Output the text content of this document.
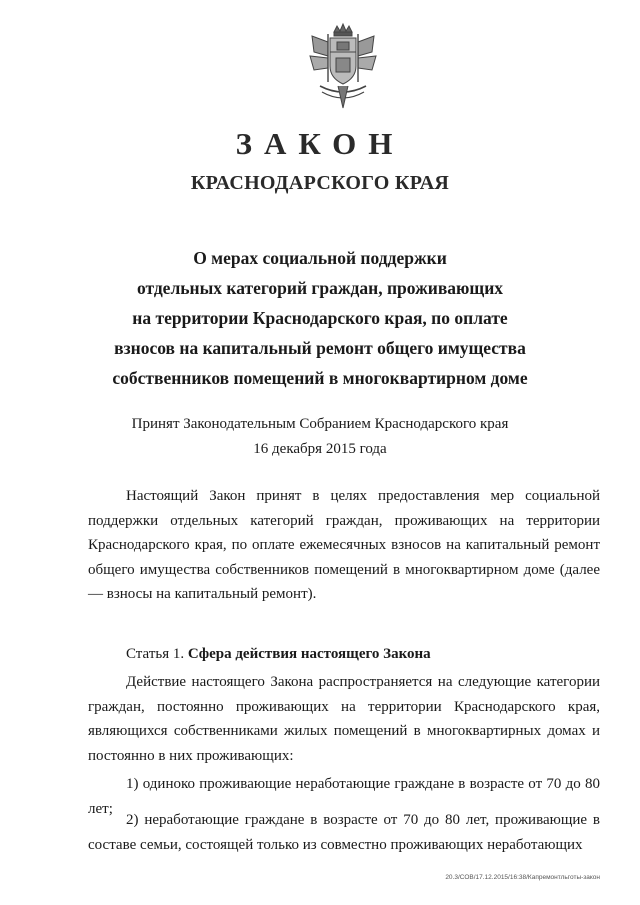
ЗАКОН
КРАСНОДАРСКОГО КРАЯ
О мерах социальной поддержки
отдельных категорий граждан, проживающих
на территории Краснодарского края, по оплате
взносов на капитальный ремонт общего имущества
собственников помещений в многоквартирном доме
Принят Законодательным Собранием Краснодарского края
16 декабря 2015 года
Настоящий Закон принят в целях предоставления мер социальной поддержки отдельных категорий граждан, проживающих на территории Краснодарского края, по оплате ежемесячных взносов на капитальный ремонт общего имущества собственников помещений в многоквартирном доме (далее — взносы на капитальный ремонт).
Статья 1. Сфера действия настоящего Закона
Действие настоящего Закона распространяется на следующие категории граждан, постоянно проживающих на территории Краснодарского края, являющихся собственниками жилых помещений в многоквартирных домах и постоянно в них проживающих:
1) одиноко проживающие неработающие граждане в возрасте от 70 до 80 лет;
2) неработающие граждане в возрасте от 70 до 80 лет, проживающие в составе семьи, состоящей только из совместно проживающих неработающих
20.3/СОВ/17.12.2015/16:38/Капремонтльготы-закон
